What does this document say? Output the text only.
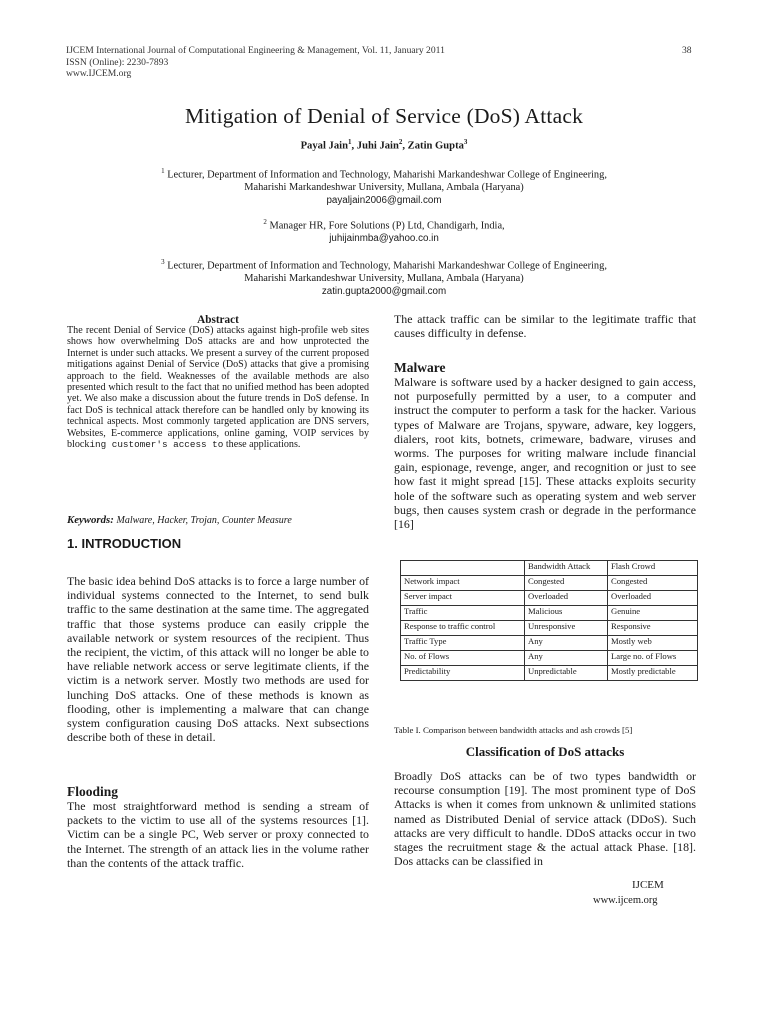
IJCEM International Journal of Computational Engineering & Management, Vol. 11, January 2011
ISSN (Online): 2230-7893
www.IJCEM.org
38
Mitigation of Denial of Service (DoS) Attack
Payal Jain$^1$, Juhi Jain$^2$, Zatin Gupta$^3$
$^1$ Lecturer, Department of Information and Technology, Maharishi Markandeshwar College of Engineering,
Maharishi Markandeshwar University, Mullana, Ambala (Haryana)
payaljain2006@gmail.com
$^2$ Manager HR, Fore Solutions (P) Ltd, Chandigarh, India,
juhijainmba@yahoo.co.in
$^3$ Lecturer, Department of Information and Technology, Maharishi Markandeshwar College of Engineering,
Maharishi Markandeshwar University, Mullana, Ambala (Haryana)
zatin.gupta2000@gmail.com
Abstract
The recent Denial of Service (DoS) attacks against high-profile web sites shows how overwhelming DoS attacks are and how unprotected the Internet is under such attacks. We present a survey of the current proposed mitigations against Denial of Service (DoS) attacks that give a promising approach to the field. Weaknesses of the available methods are also presented which result to the fact that no unified method has been adopted yet. We also make a discussion about the future trends in DoS defense. In fact DoS is technical attack therefore can be handled only by knowing its technical aspects. Most commonly targeted application are DNS servers, Websites, E-commerce applications, online gaming, VOIP services by blocking customer's access to these applications.
Keywords: Malware, Hacker, Trojan, Counter Measure
1. INTRODUCTION
The basic idea behind DoS attacks is to force a large number of individual systems connected to the Internet, to send bulk traffic to the same destination at the same time. The aggregated traffic that those systems produce can easily cripple the available network or system resources of the recipient. Thus the recipient, the victim, of this attack will no longer be able to have reliable network access or serve legitimate clients, if the victim is a network server. Mostly two methods are used for lunching DoS attacks. One of these methods is known as flooding, other is implementing a malware that can change system configuration causing DoS attacks. Next subsections describe both of these in detail.
Flooding
The most straightforward method is sending a stream of packets to the victim to use all of the systems resources [1]. Victim can be a single PC, Web server or proxy connected to the Internet. The strength of an attack lies in the volume rather than the contents of the attack traffic.
The attack traffic can be similar to the legitimate traffic that causes difficulty in defense.
Malware
Malware is software used by a hacker designed to gain access, not purposefully permitted by a user, to a computer and instruct the computer to perform a task for the hacker. Various types of Malware are Trojans, spyware, adware, key loggers, dialers, root kits, botnets, crimeware, badware, viruses and worms. The purposes for writing malware include financial gain, espionage, revenge, anger, and recognition or just to see how fast it might spread [15]. These attacks exploits security hole of the software such as operating system and web server bugs, then causes system crash or degrade in the performance [16]
	Bandwidth Attack	Flash Crowd
Network impact	Congested	Congested
Server impact	Overloaded	Overloaded
Traffic	Malicious	Genuine
Response to traffic control	Unresponsive	Responsive
Traffic Type	Any	Mostly web
No. of Flows	Any	Large no. of Flows
Predictability	Unpredictable	Mostly predictable
Table I. Comparison between bandwidth attacks and ash crowds [5]
Classification of DoS attacks
Broadly DoS attacks can be of two types bandwidth or recourse consumption [19]. The most prominent type of DoS Attacks is when it comes from unknown & unlimited stations named as Distributed Denial of service attack (DDoS). Such attacks are very difficult to handle. DDoS attacks occur in two stages the recruitment stage & the actual attack Phase. [18]. Dos attacks can be classified in
IJCEM
www.ijcem.org
